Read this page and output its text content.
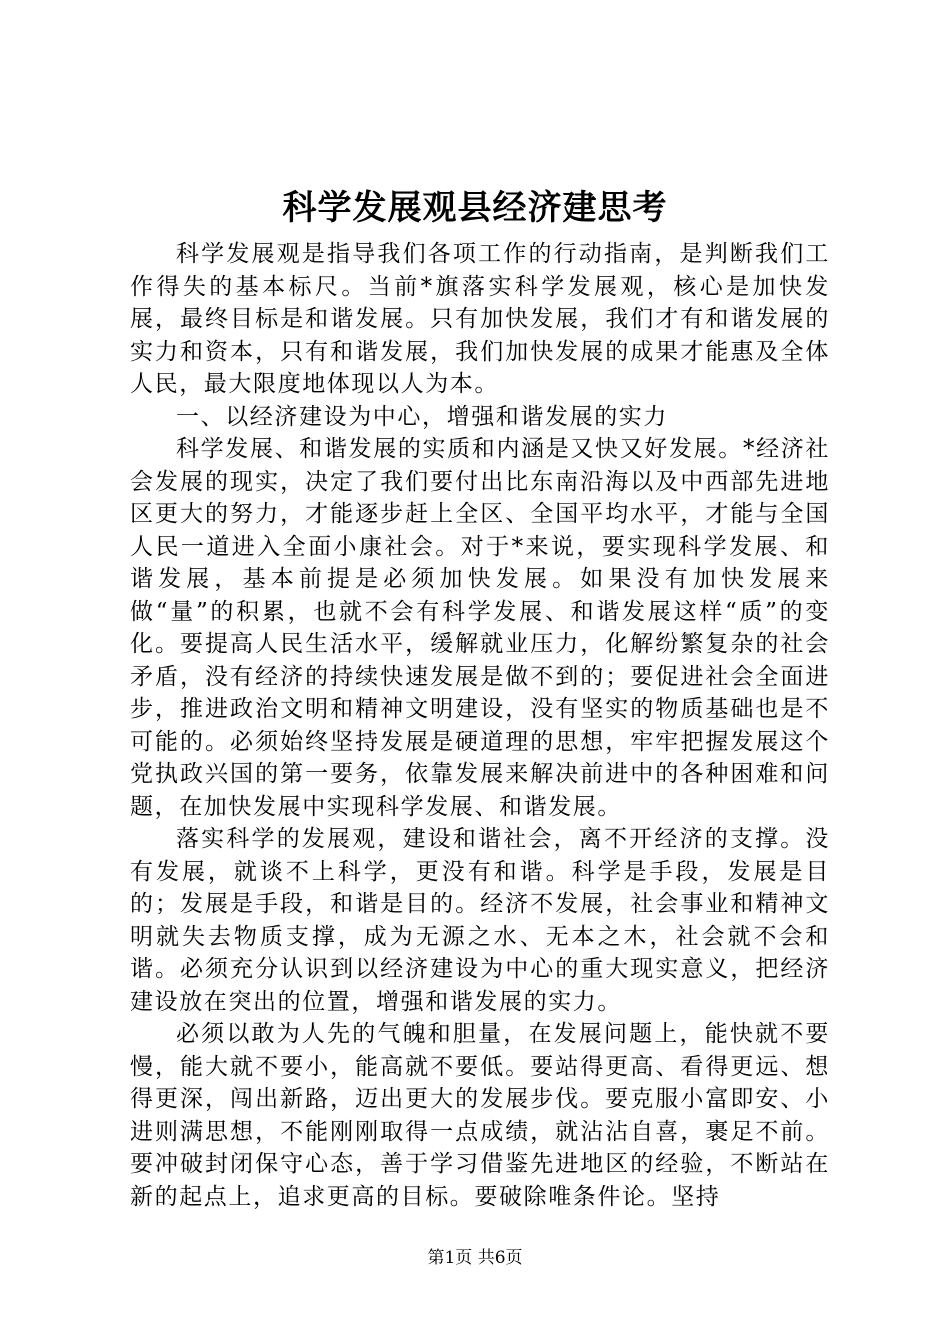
科学发展观县经济建思考

科学发展观是指导我们各项工作的行动指南，是判断我们工作得失的基本标尺。当前*旗落实科学发展观，核心是加快发展，最终目标是和谐发展。只有加快发展，我们才有和谐发展的实力和资本，只有和谐发展，我们加快发展的成果才能惠及全体人民，最大限度地体现以人为本。

一、以经济建设为中心，增强和谐发展的实力

科学发展、和谐发展的实质和内涵是又快又好发展。*经济社会发展的现实，决定了我们要付出比东南沿海以及中西部先进地区更大的努力，才能逐步赶上全区、全国平均水平，才能与全国人民一道进入全面小康社会。对于*来说，要实现科学发展、和谐发展，基本前提是必须加快发展。如果没有加快发展来做“量”的积累，也就不会有科学发展、和谐发展这样“质”的变化。要提高人民生活水平，缓解就业压力，化解纷繁复杂的社会矛盾，没有经济的持续快速发展是做不到的；要促进社会全面进步，推进政治文明和精神文明建设，没有坚实的物质基础也是不可能的。必须始终坚持发展是硬道理的思想，牢牢把握发展这个党执政兴国的第一要务，依靠发展来解决前进中的各种困难和问题，在加快发展中实现科学发展、和谐发展。

落实科学的发展观，建设和谐社会，离不开经济的支撑。没有发展，就谈不上科学，更没有和谐。科学是手段，发展是目的；发展是手段，和谐是目的。经济不发展，社会事业和精神文明就失去物质支撑，成为无源之水、无本之木，社会就不会和谐。必须充分认识到以经济建设为中心的重大现实意义，把经济建设放在突出的位置，增强和谐发展的实力。

必须以敢为人先的气魄和胆量，在发展问题上，能快就不要慢，能大就不要小，能高就不要低。要站得更高、看得更远、想得更深，闯出新路，迈出更大的发展步伐。要克服小富即安、小进则满思想，不能刚刚取得一点成绩，就沾沾自喜，裹足不前。要冲破封闭保守心态，善于学习借鉴先进地区的经验，不断站在新的起点上，追求更高的目标。要破除唯条件论。坚持

第1页 共6页
